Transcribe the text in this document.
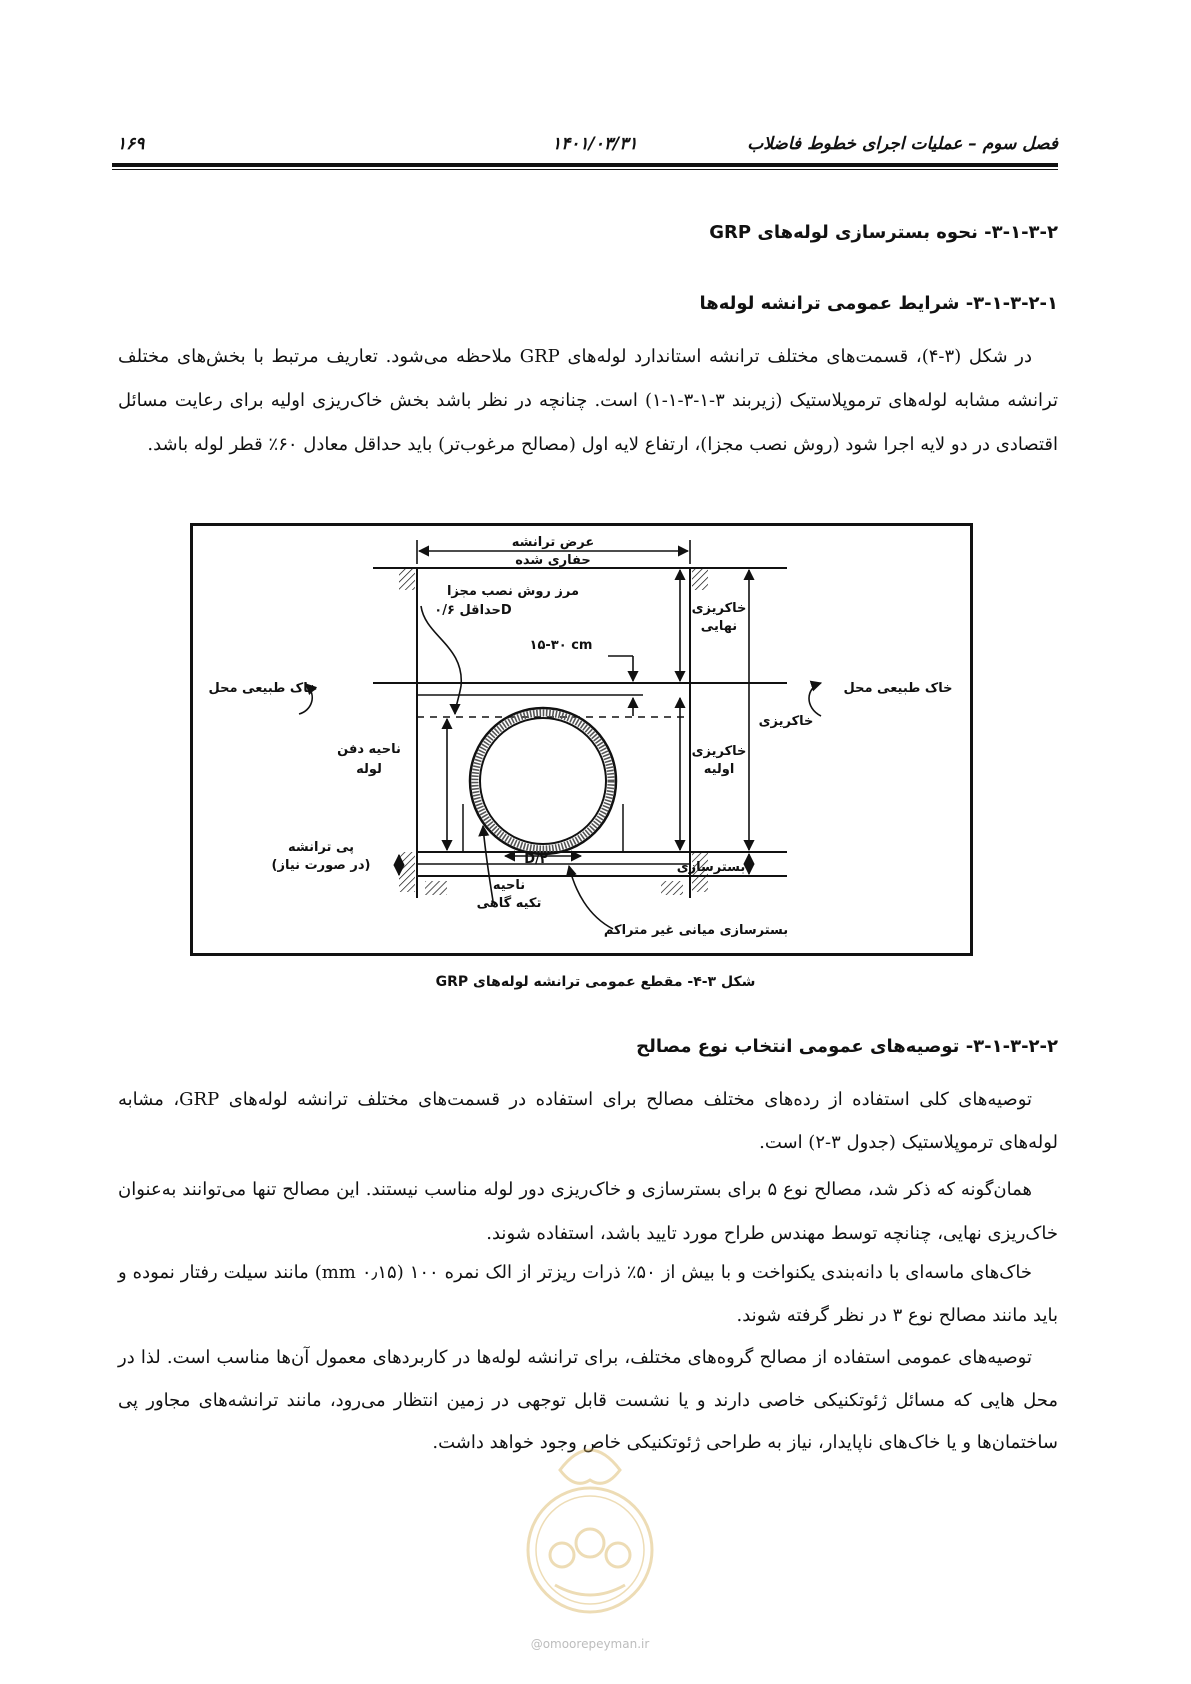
۱۶۹	۱۴۰۱/۰۳/۳۱	فصل سوم – عملیات اجرای خطوط فاضلاب
۳-۱-۳-۲- نحوه بسترسازی لوله‌های GRP
۳-۱-۳-۲-۱- شرایط عمومی ترانشه لوله‌ها

در شکل (۳-۴)، قسمت‌های مختلف ترانشه استاندارد لوله‌های GRP ملاحظه می‌شود. تعاریف مرتبط با بخش‌های مختلف ترانشه مشابه لوله‌های ترموپلاستیک (زیربند ۳-۱-۳-۱-۱) است. چنانچه در نظر باشد بخش خاک‌ریزی اولیه برای رعایت مسائل اقتصادی در دو لایه اجرا شود (روش نصب مجزا)، ارتفاع لایه اول (مصالح مرغوب‌تر) باید حداقل معادل ۶۰٪ قطر لوله باشد.

عرض ترانشه
حفاری شده
مرز روش نصب مجزا
حداقل ۰/۶D
۱۵-۳۰ cm
خاکریزی
نهایی
خاک طبیعی محل	خاک طبیعی محل
خاکریزی
ناحیه دفن
لوله
خاکریزی
اولیه
پی ترانشه
(در صورت نیاز)	بسترسازی
D/۲
ناحیه
تکیه گاهی
بسترسازی میانی غیر متراکم
شکل ۳-۴- مقطع عمومی ترانشه لوله‌های GRP
۳-۱-۳-۲-۲- توصیه‌های عمومی انتخاب نوع مصالح

توصیه‌های کلی استفاده از رده‌های مختلف مصالح برای استفاده در قسمت‌های مختلف ترانشه لوله‌های GRP، مشابه لوله‌های ترموپلاستیک (جدول ۳-۲) است.

همان‌گونه که ذکر شد، مصالح نوع ۵ برای بسترسازی و خاک‌ریزی دور لوله مناسب نیستند. این مصالح تنها می‌توانند به‌عنوان خاک‌ریزی نهایی، چنانچه توسط مهندس طراح مورد تایید باشد، استفاده شوند.

خاک‌های ماسه‌ای با دانه‌بندی یکنواخت و با بیش از ۵۰٪ ذرات ریزتر از الک نمره ۱۰۰ (۰٫۱۵ mm) مانند سیلت رفتار نموده و باید مانند مصالح نوع ۳ در نظر گرفته شوند.

توصیه‌های عمومی استفاده از مصالح گروه‌های مختلف، برای ترانشه لوله‌ها در کاربردهای معمول آن‌ها مناسب است. لذا در محل هایی که مسائل ژئوتکنیکی خاصی دارند و یا نشست قابل توجهی در زمین انتظار می‌رود، مانند ترانشه‌های مجاور پی ساختمان‌ها و یا خاک‌های ناپایدار، نیاز به طراحی ژئوتکنیکی خاص وجود خواهد داشت.

@omoorepeyman.ir
